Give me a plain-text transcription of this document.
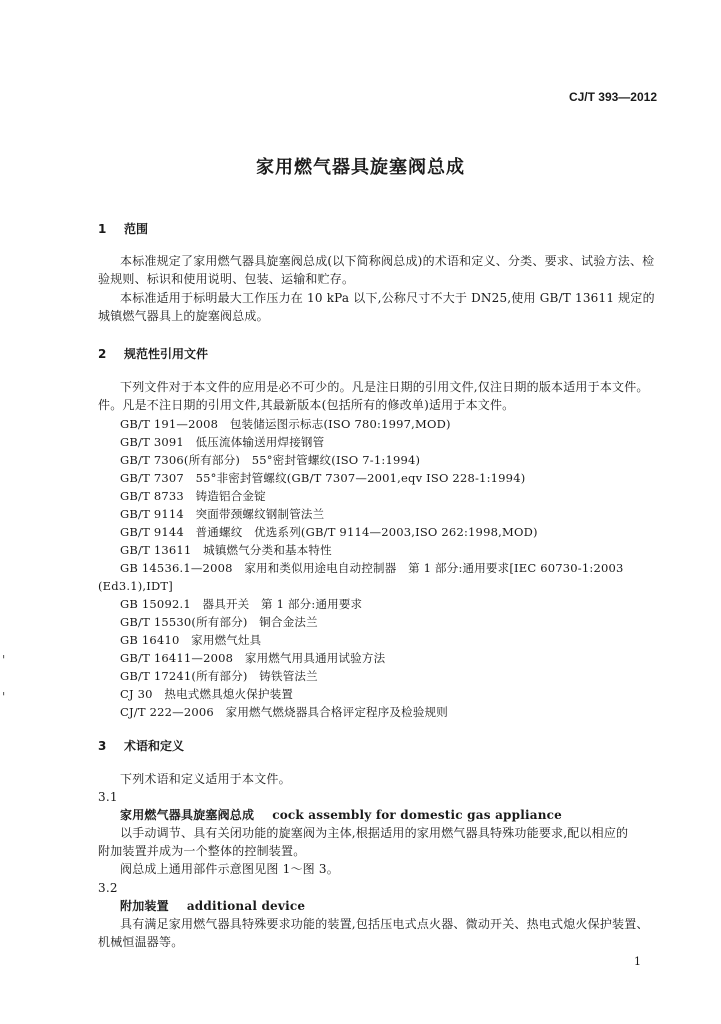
CJ/T 393—2012
家用燃气器具旋塞阀总成
1 范围
本标准规定了家用燃气器具旋塞阀总成(以下简称阀总成)的术语和定义、分类、要求、试验方法、检
验规则、标识和使用说明、包装、运输和贮存。
本标准适用于标明最大工作压力在 10 kPa 以下,公称尺寸不大于 DN25,使用 GB/T 13611 规定的
城镇燃气器具上的旋塞阀总成。
2 规范性引用文件
下列文件对于本文件的应用是必不可少的。凡是注日期的引用文件,仅注日期的版本适用于本文件。
件。凡是不注日期的引用文件,其最新版本(包括所有的修改单)适用于本文件。
GB/T 191—2008　包装储运图示标志(ISO 780:1997,MOD)
GB/T 3091　低压流体输送用焊接钢管
GB/T 7306(所有部分)　55°密封管螺纹(ISO 7-1:1994)
GB/T 7307　55°非密封管螺纹(GB/T 7307—2001,eqv ISO 228-1:1994)
GB/T 8733　铸造铝合金锭
GB/T 9114　突面带颈螺纹钢制管法兰
GB/T 9144　普通螺纹　优选系列(GB/T 9114—2003,ISO 262:1998,MOD)
GB/T 13611　城镇燃气分类和基本特性
GB 14536.1—2008　家用和类似用途电自动控制器　第 1 部分:通用要求[IEC 60730-1:2003
(Ed3.1),IDT]
GB 15092.1　器具开关　第 1 部分:通用要求
GB/T 15530(所有部分)　铜合金法兰
GB 16410　家用燃气灶具
GB/T 16411—2008　家用燃气用具通用试验方法
GB/T 17241(所有部分)　铸铁管法兰
CJ 30　热电式燃具熄火保护装置
CJ/T 222—2006　家用燃气燃烧器具合格评定程序及检验规则
'
'
3 术语和定义
下列术语和定义适用于本文件。
3.1
家用燃气器具旋塞阀总成 cock assembly for domestic gas appliance
以手动调节、具有关闭功能的旋塞阀为主体,根据适用的家用燃气器具特殊功能要求,配以相应的
附加装置并成为一个整体的控制装置。
阀总成上通用部件示意图见图 1～图 3。
3.2
附加装置 additional device
具有满足家用燃气器具特殊要求功能的装置,包括压电式点火器、微动开关、热电式熄火保护装置、
机械恒温器等。
1
